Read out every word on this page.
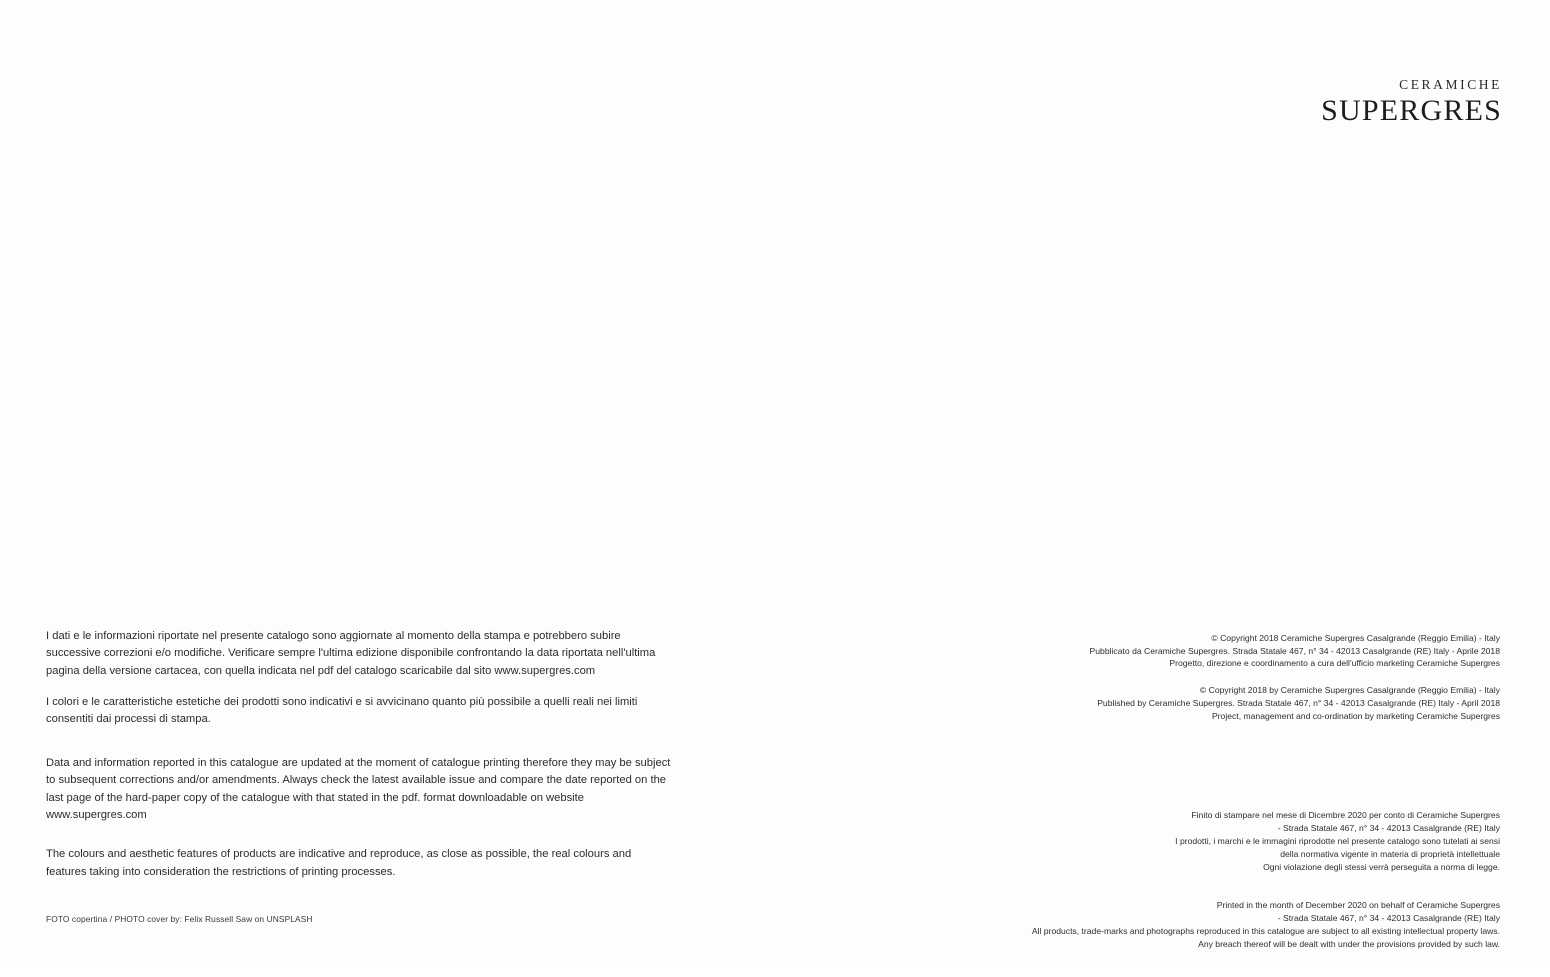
CERAMICHE
SUPERGRES

I dati e le informazioni riportate nel presente catalogo sono aggiornate al momento della stampa e potrebbero subire successive correzioni e/o modifiche. Verificare sempre l'ultima edizione disponibile confrontando la data riportata nell'ultima pagina della versione cartacea, con quella indicata nel pdf del catalogo scaricabile dal sito www.supergres.com

I colori e le caratteristiche estetiche dei prodotti sono indicativi e si avvicinano quanto più possibile a quelli reali nei limiti consentiti dai processi di stampa.

Data and information reported in this catalogue are updated at the moment of catalogue printing therefore they may be subject to subsequent corrections and/or amendments. Always check the latest available issue and compare the date reported on the last page of the hard-paper copy of the catalogue with that stated in the pdf. format downloadable on website www.supergres.com

The colours and aesthetic features of products are indicative and reproduce, as close as possible, the real colours and features taking into consideration the restrictions of printing processes.

FOTO copertina / PHOTO cover by: Felix Russell Saw on UNSPLASH
© Copyright 2018 Ceramiche Supergres Casalgrande (Reggio Emilia) - Italy
Pubblicato da Ceramiche Supergres. Strada Statale 467, n° 34 - 42013 Casalgrande (RE) Italy - Aprile 2018
Progetto, direzione e coordinamento a cura dell'ufficio marketing Ceramiche Supergres
© Copyright 2018 by Ceramiche Supergres Casalgrande (Reggio Emilia) - Italy
Published by Ceramiche Supergres. Strada Statale 467, n° 34 - 42013 Casalgrande (RE) Italy - April 2018
Project, management and co-ordination by marketing Ceramiche Supergres
Finito di stampare nel mese di Dicembre 2020 per conto di Ceramiche Supergres
- Strada Statale 467, n° 34 - 42013 Casalgrande (RE) Italy
I prodotti, i marchi e le immagini riprodotte nel presente catalogo sono tutelati ai sensi
della normativa vigente in materia di proprietà intellettuale
Ogni violazione degli stessi verrà perseguita a norma di legge.
Printed in the month of December 2020 on behalf of Ceramiche Supergres
- Strada Statale 467, n° 34 - 42013 Casalgrande (RE) Italy
All products, trade-marks and photographs reproduced in this catalogue are subject to all existing intellectual property laws.
Any breach thereof will be dealt with under the provisions provided by such law.
